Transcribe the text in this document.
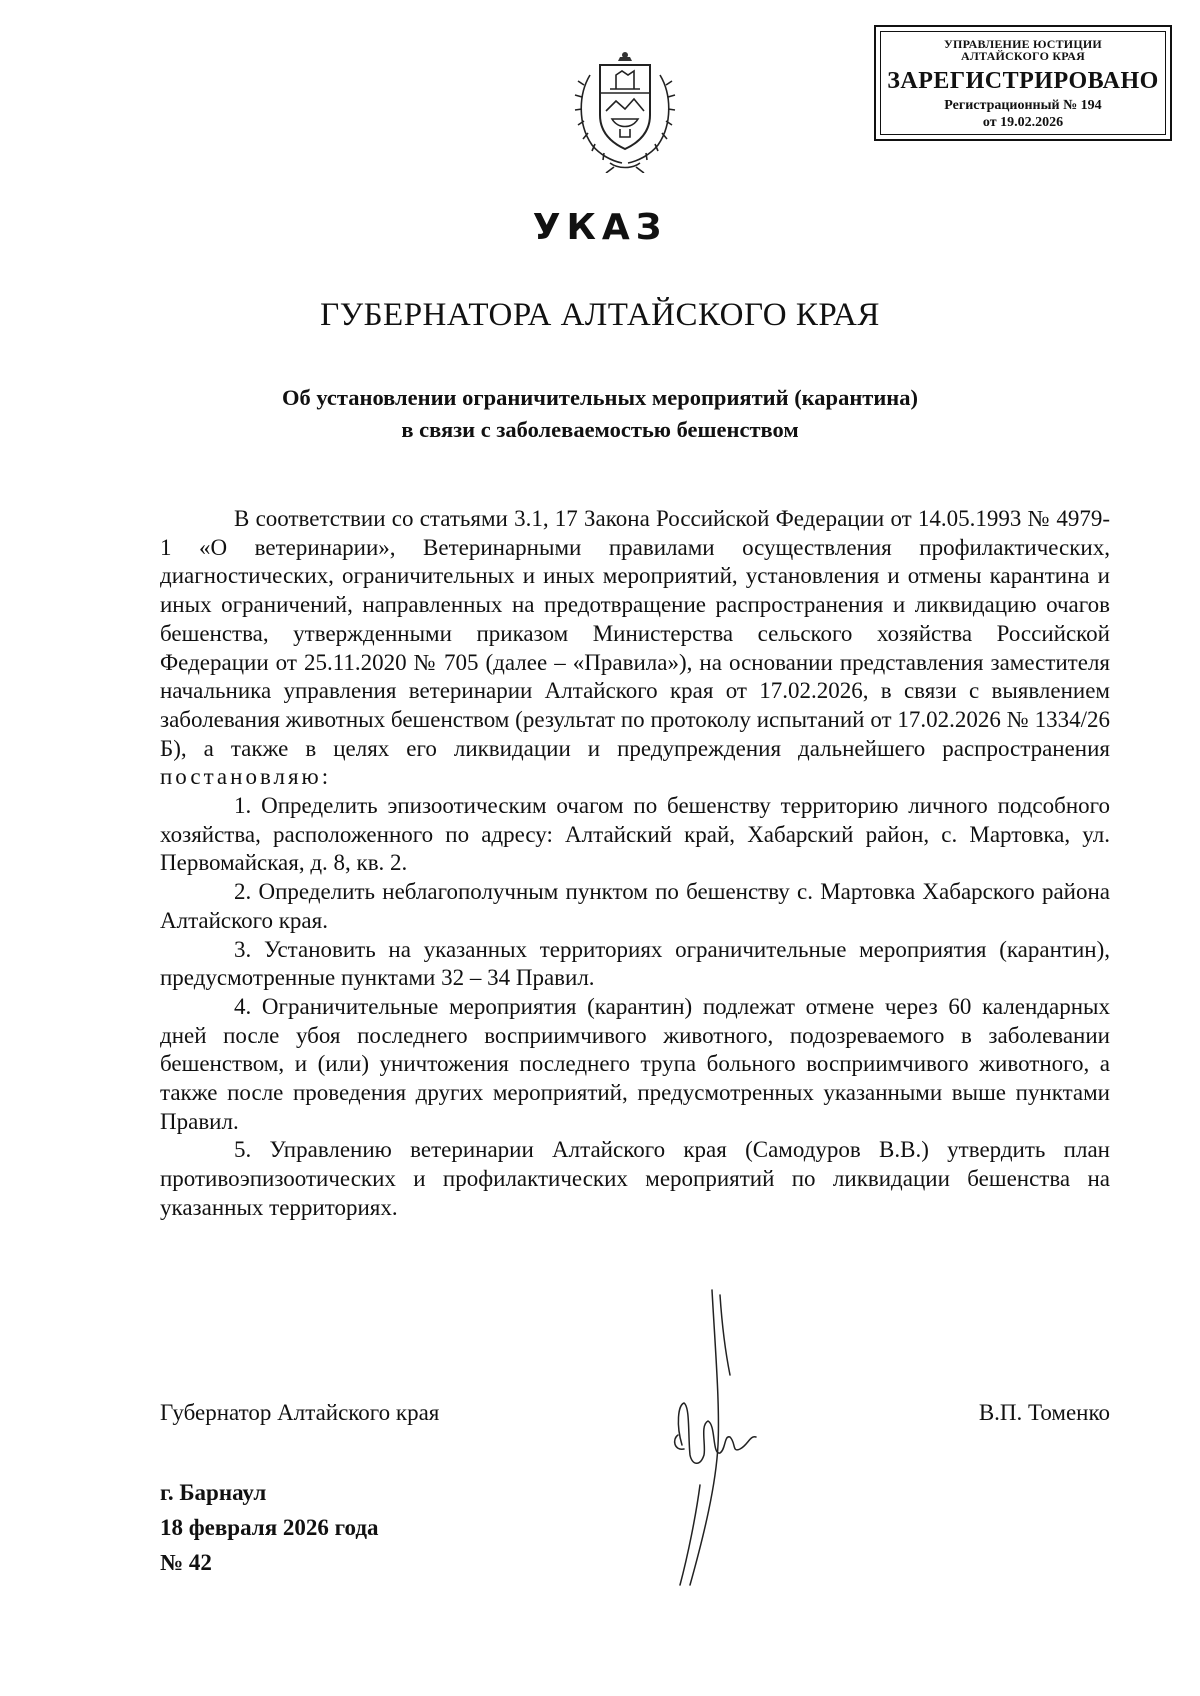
УПРАВЛЕНИЕ ЮСТИЦИИ
АЛТАЙСКОГО КРАЯ
ЗАРЕГИСТРИРОВАНО
Регистрационный № 194
от 19.02.2026
УКАЗ
ГУБЕРНАТОРА АЛТАЙСКОГО КРАЯ
Об установлении ограничительных мероприятий (карантина)
в связи с заболеваемостью бешенством

В соответствии со статьями 3.1, 17 Закона Российской Федерации от 14.05.1993 № 4979-1 «О ветеринарии», Ветеринарными правилами осуществления профилактических, диагностических, ограничительных и иных мероприятий, установления и отмены карантина и иных ограничений, направленных на предотвращение распространения и ликвидацию очагов бешенства, утвержденными приказом Министерства сельского хозяйства Российской Федерации от 25.11.2020 № 705 (далее – «Правила»), на основании представления заместителя начальника управления ветеринарии Алтайского края от 17.02.2026, в связи с выявлением заболевания животных бешенством (результат по протоколу испытаний от 17.02.2026 № 1334/26 Б), а также в целях его ликвидации и предупреждения дальнейшего распространения постановляю:

1. Определить эпизоотическим очагом по бешенству территорию личного подсобного хозяйства, расположенного по адресу: Алтайский край, Хабарский район, с. Мартовка, ул. Первомайская, д. 8, кв. 2.

2. Определить неблагополучным пунктом по бешенству с. Мартовка Хабарского района Алтайского края.

3. Установить на указанных территориях ограничительные мероприятия (карантин), предусмотренные пунктами 32 – 34 Правил.

4. Ограничительные мероприятия (карантин) подлежат отмене через 60 календарных дней после убоя последнего восприимчивого животного, подозреваемого в заболевании бешенством, и (или) уничтожения последнего трупа больного восприимчивого животного, а также после проведения других мероприятий, предусмотренных указанными выше пунктами Правил.

5. Управлению ветеринарии Алтайского края (Самодуров В.В.) утвердить план противоэпизоотических и профилактических мероприятий по ликвидации бешенства на указанных территориях.

Губернатор Алтайского края	В.П. Томенко
г. Барнаул
18 февраля 2026 года
№ 42
